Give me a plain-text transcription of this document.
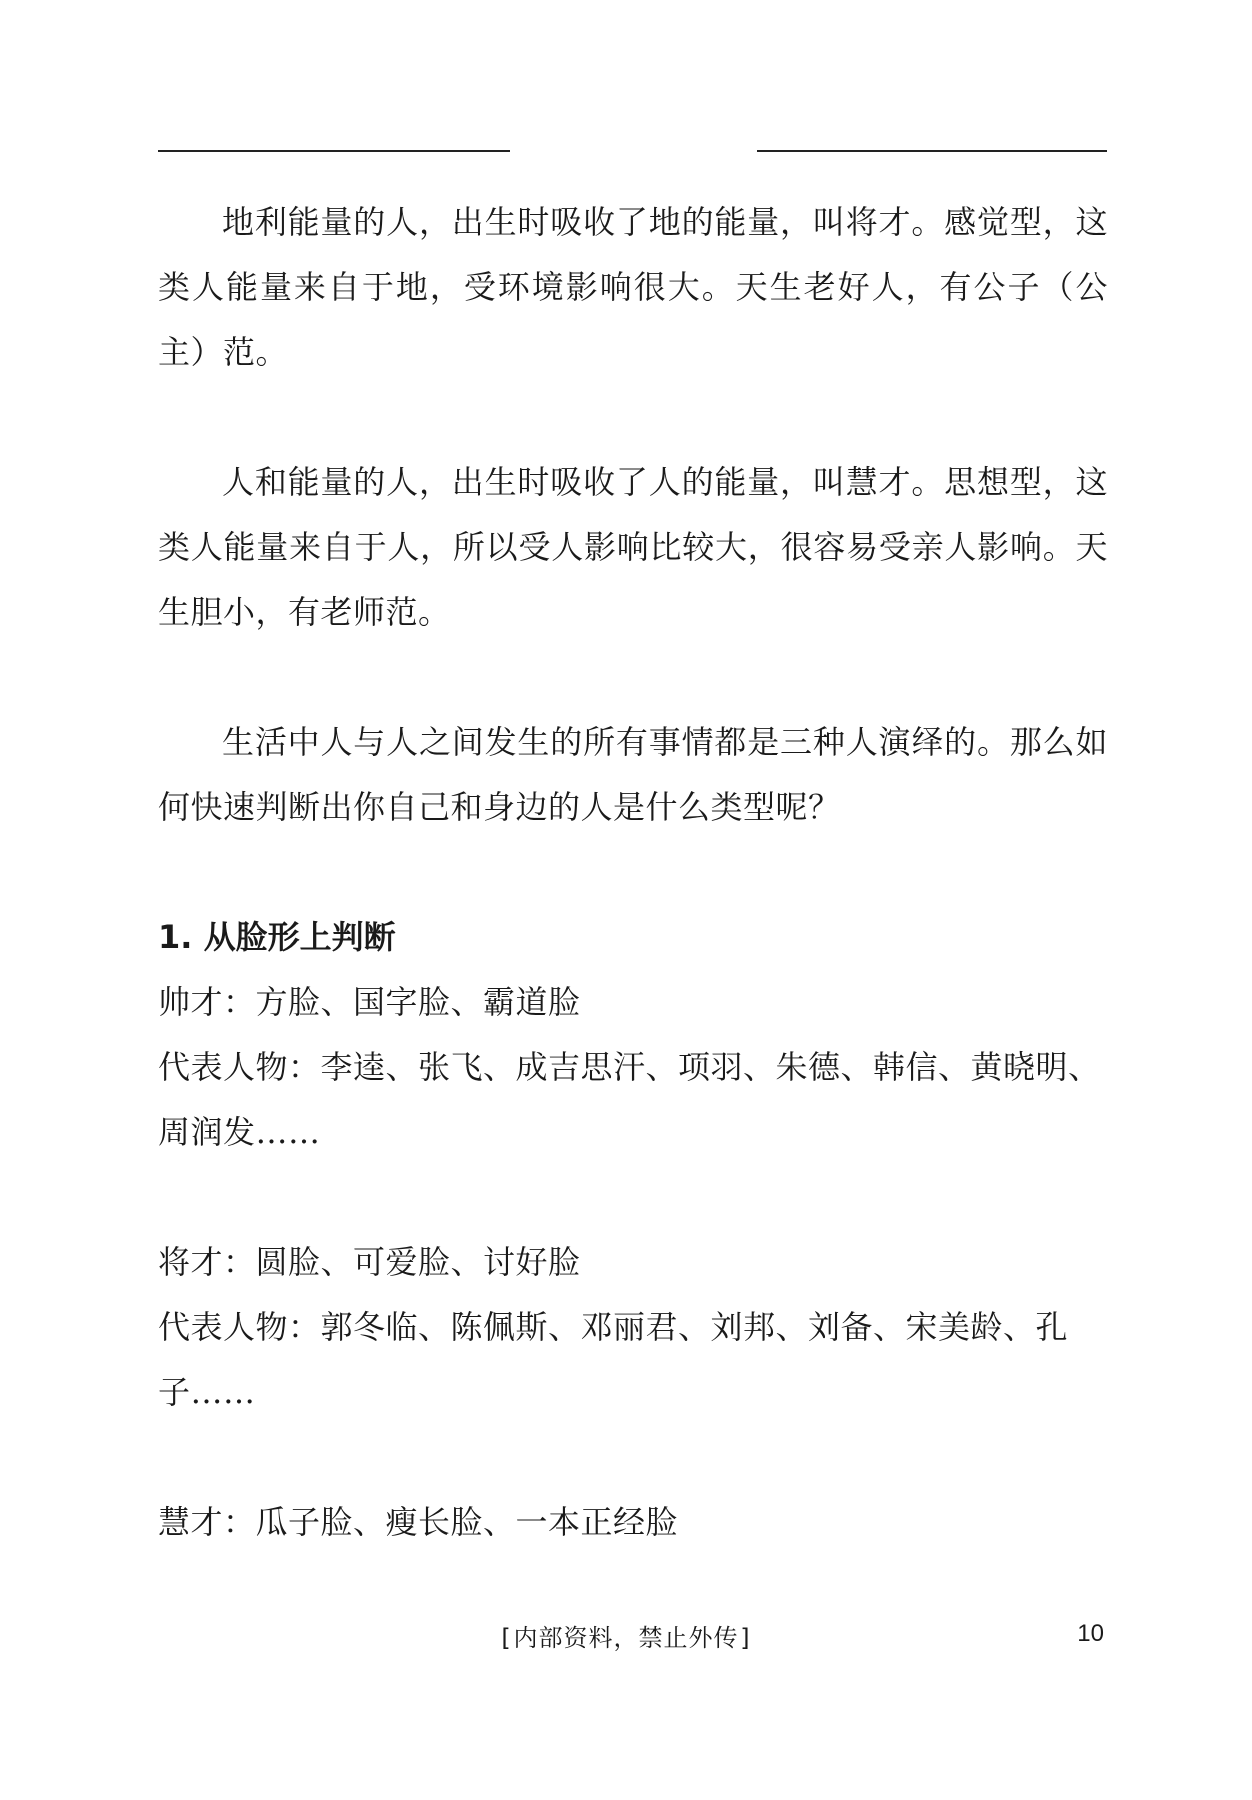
地利能量的人，出生时吸收了地的能量，叫将才。感觉型，这类人能量来自于地，受环境影响很大。天生老好人，有公子（公主）范。

人和能量的人，出生时吸收了人的能量，叫慧才。思想型，这类人能量来自于人，所以受人影响比较大，很容易受亲人影响。天生胆小，有老师范。

生活中人与人之间发生的所有事情都是三种人演绎的。那么如何快速判断出你自己和身边的人是什么类型呢？

1. 从脸形上判断

帅才：方脸、国字脸、霸道脸

代表人物：李逵、张飞、成吉思汗、项羽、朱德、韩信、黄晓明、周润发……

将才：圆脸、可爱脸、讨好脸

代表人物：郭冬临、陈佩斯、邓丽君、刘邦、刘备、宋美龄、孔子……

慧才：瓜子脸、瘦长脸、一本正经脸

[内部资料，禁止外传]	10
